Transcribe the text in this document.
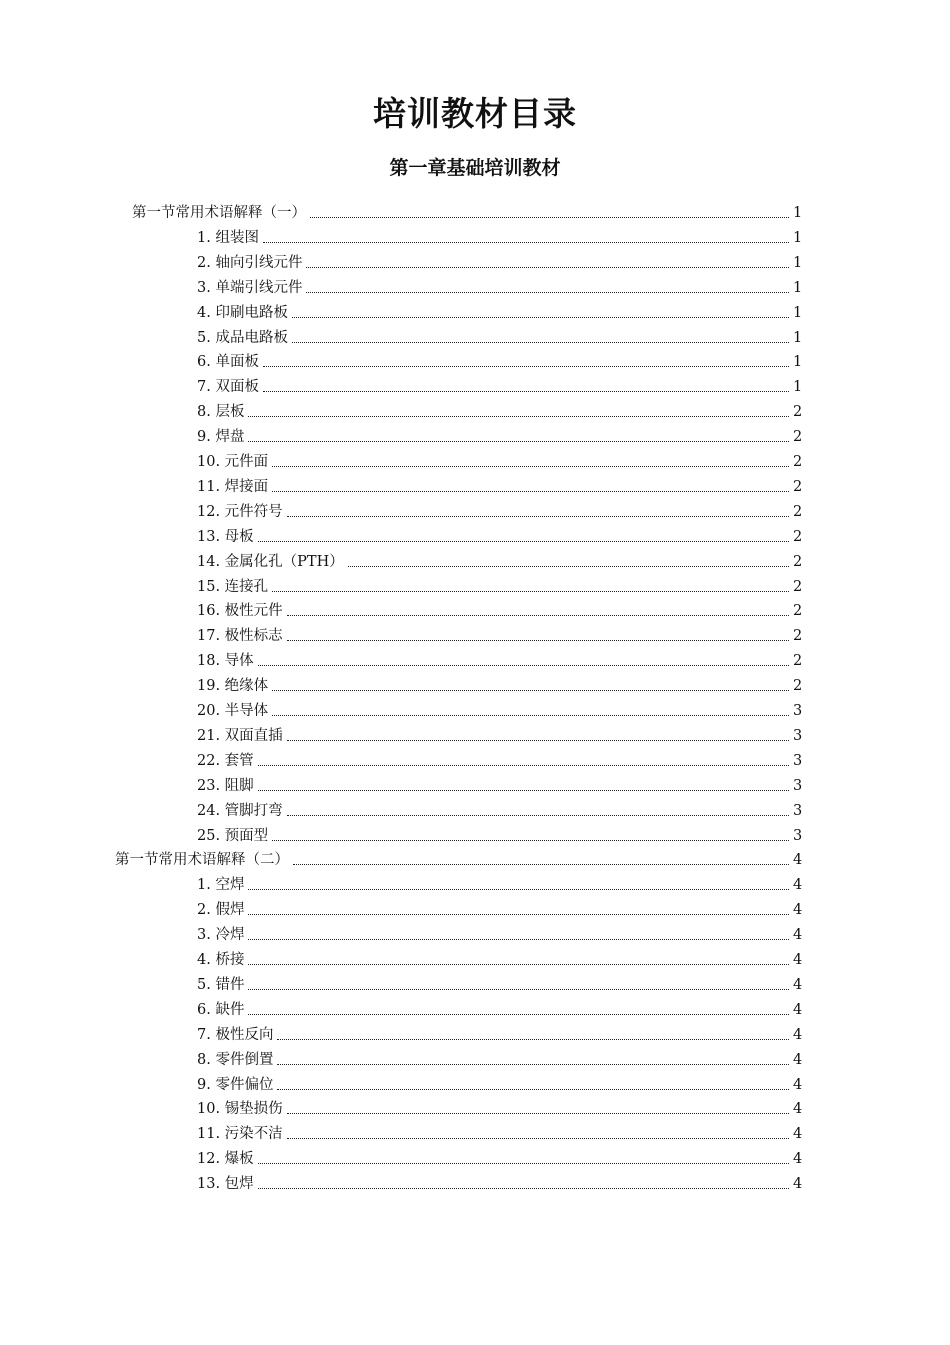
培训教材目录
第一章基础培训教材
第一节常用术语解释（一）	1
1. 组装图	1
2. 轴向引线元件	1
3. 单端引线元件	1
4. 印刷电路板	1
5. 成品电路板	1
6. 单面板	1
7. 双面板	1
8. 层板	2
9. 焊盘	2
10. 元件面	2
11. 焊接面	2
12. 元件符号	2
13. 母板	2
14. 金属化孔（PTH）	2
15. 连接孔	2
16. 极性元件	2
17. 极性标志	2
18. 导体	2
19. 绝缘体	2
20. 半导体	3
21. 双面直插	3
22. 套管	3
23. 阻脚	3
24. 管脚打弯	3
25. 预面型	3
第一节常用术语解释（二）	4
1. 空焊	4
2. 假焊	4
3. 冷焊	4
4. 桥接	4
5. 错件	4
6. 缺件	4
7. 极性反向	4
8. 零件倒置	4
9. 零件偏位	4
10. 锡垫损伤	4
11. 污染不洁	4
12. 爆板	4
13. 包焊	4
